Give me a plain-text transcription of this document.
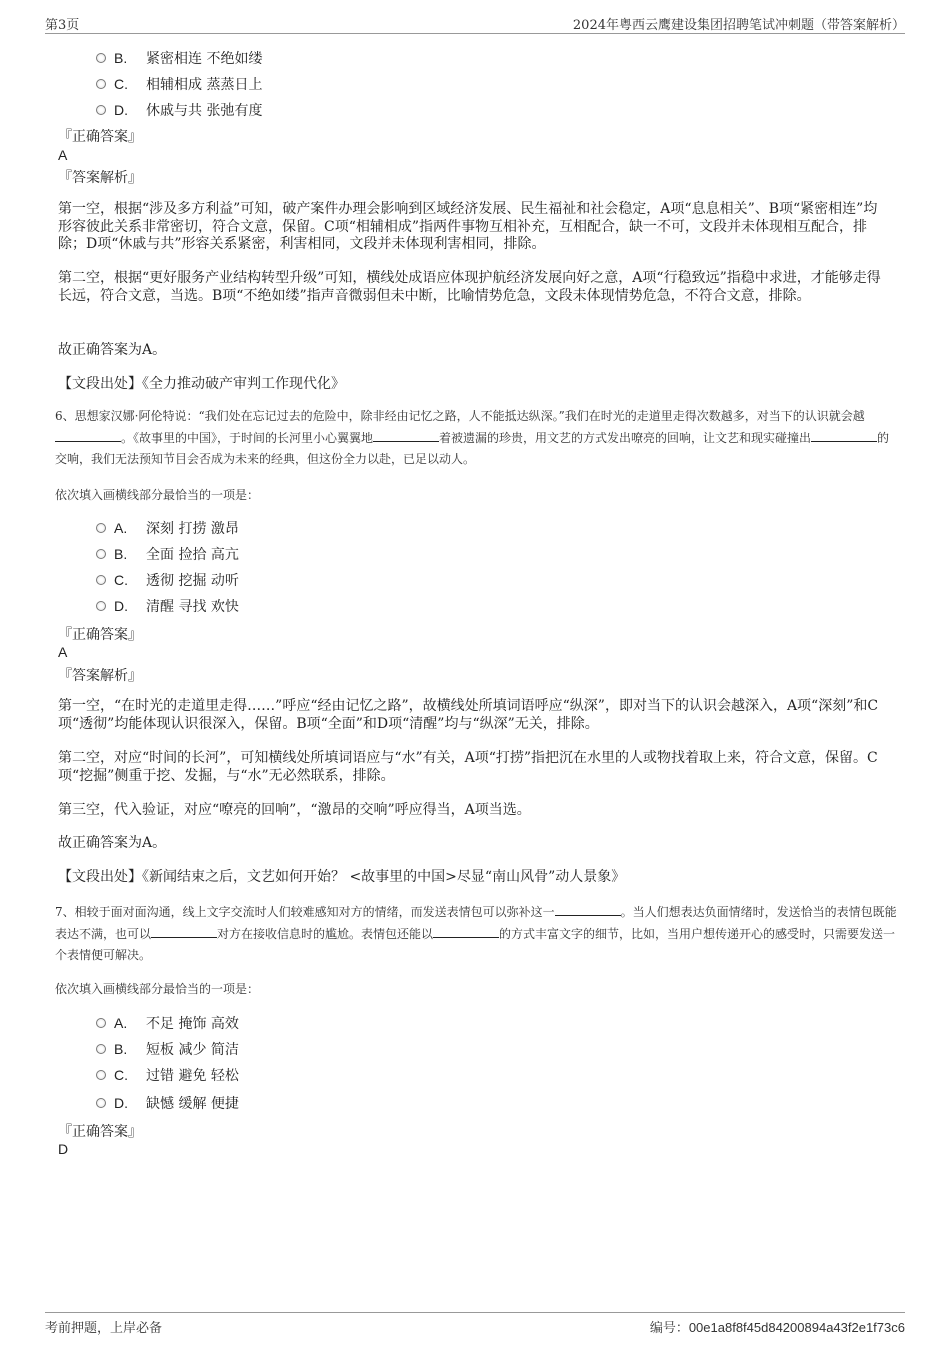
第3页	2024年粤西云鹰建设集团招聘笔试冲刺题（带答案解析）
B. 紧密相连 不绝如缕
C. 相辅相成 蒸蒸日上
D. 休戚与共 张弛有度
『正确答案』
A
『答案解析』
第一空，根据“涉及多方利益”可知，破产案件办理会影响到区域经济发展、民生福祉和社会稳定，A项“息息相关”、B项“紧密相连”均形容彼此关系非常密切，符合文意，保留。C项“相辅相成”指两件事物互相补充，互相配合，缺一不可，文段并未体现相互配合，排除；D项“休戚与共”形容关系紧密，利害相同，文段并未体现利害相同，排除。
第二空，根据“更好服务产业结构转型升级”可知，横线处成语应体现护航经济发展向好之意，A项“行稳致远”指稳中求进，才能够走得长远，符合文意，当选。B项“不绝如缕”指声音微弱但未中断，比喻情势危急，文段未体现情势危急，不符合文意，排除。
故正确答案为A。
【文段出处】《全力推动破产审判工作现代化》
6、思想家汉娜·阿伦特说：“我们处在忘记过去的危险中，除非经由记忆之路，人不能抵达纵深。”我们在时光的走道里走得次数越多，对当下的认识就会越。《故事里的中国》，于时间的长河里小心翼翼地	着被遗漏的珍贵，用文艺的方式发出嘹亮的回响，让文艺和现实碰撞出	的交响，我们无法预知节目会否成为未来的经典，但这份全力以赴，已足以动人。
依次填入画横线部分最恰当的一项是：
A. 深刻 打捞 激昂
B. 全面 捡拾 高亢
C. 透彻 挖掘 动听
D. 清醒 寻找 欢快
『正确答案』
A
『答案解析』
第一空，“在时光的走道里走得……”呼应“经由记忆之路”，故横线处所填词语呼应“纵深”，即对当下的认识会越深入，A项“深刻”和C项“透彻”均能体现认识很深入，保留。B项“全面”和D项“清醒”均与“纵深”无关，排除。
第二空，对应“时间的长河”，可知横线处所填词语应与“水”有关，A项“打捞”指把沉在水里的人或物找着取上来，符合文意，保留。C项“挖掘”侧重于挖、发掘，与“水”无必然联系，排除。
第三空，代入验证，对应“嘹亮的回响”，“激昂的交响”呼应得当，A项当选。
故正确答案为A。
【文段出处】《新闻结束之后，文艺如何开始？ <故事里的中国>尽显“南山风骨”动人景象》
7、相较于面对面沟通，线上文字交流时人们较难感知对方的情绪，而发送表情包可以弥补这一	。当人们想表达负面情绪时，发送恰当的表情包既能表达不满，也可以	对方在接收信息时的尴尬。表情包还能以	的方式丰富文字的细节，比如，当用户想传递开心的感受时，只需要发送一个表情便可解决。
依次填入画横线部分最恰当的一项是：
A. 不足 掩饰 高效
B. 短板 减少 简洁
C. 过错 避免 轻松
D. 缺憾 缓解 便捷
『正确答案』
D
考前押题，上岸必备	编号：00e1a8f8f45d84200894a43f2e1f73c6
